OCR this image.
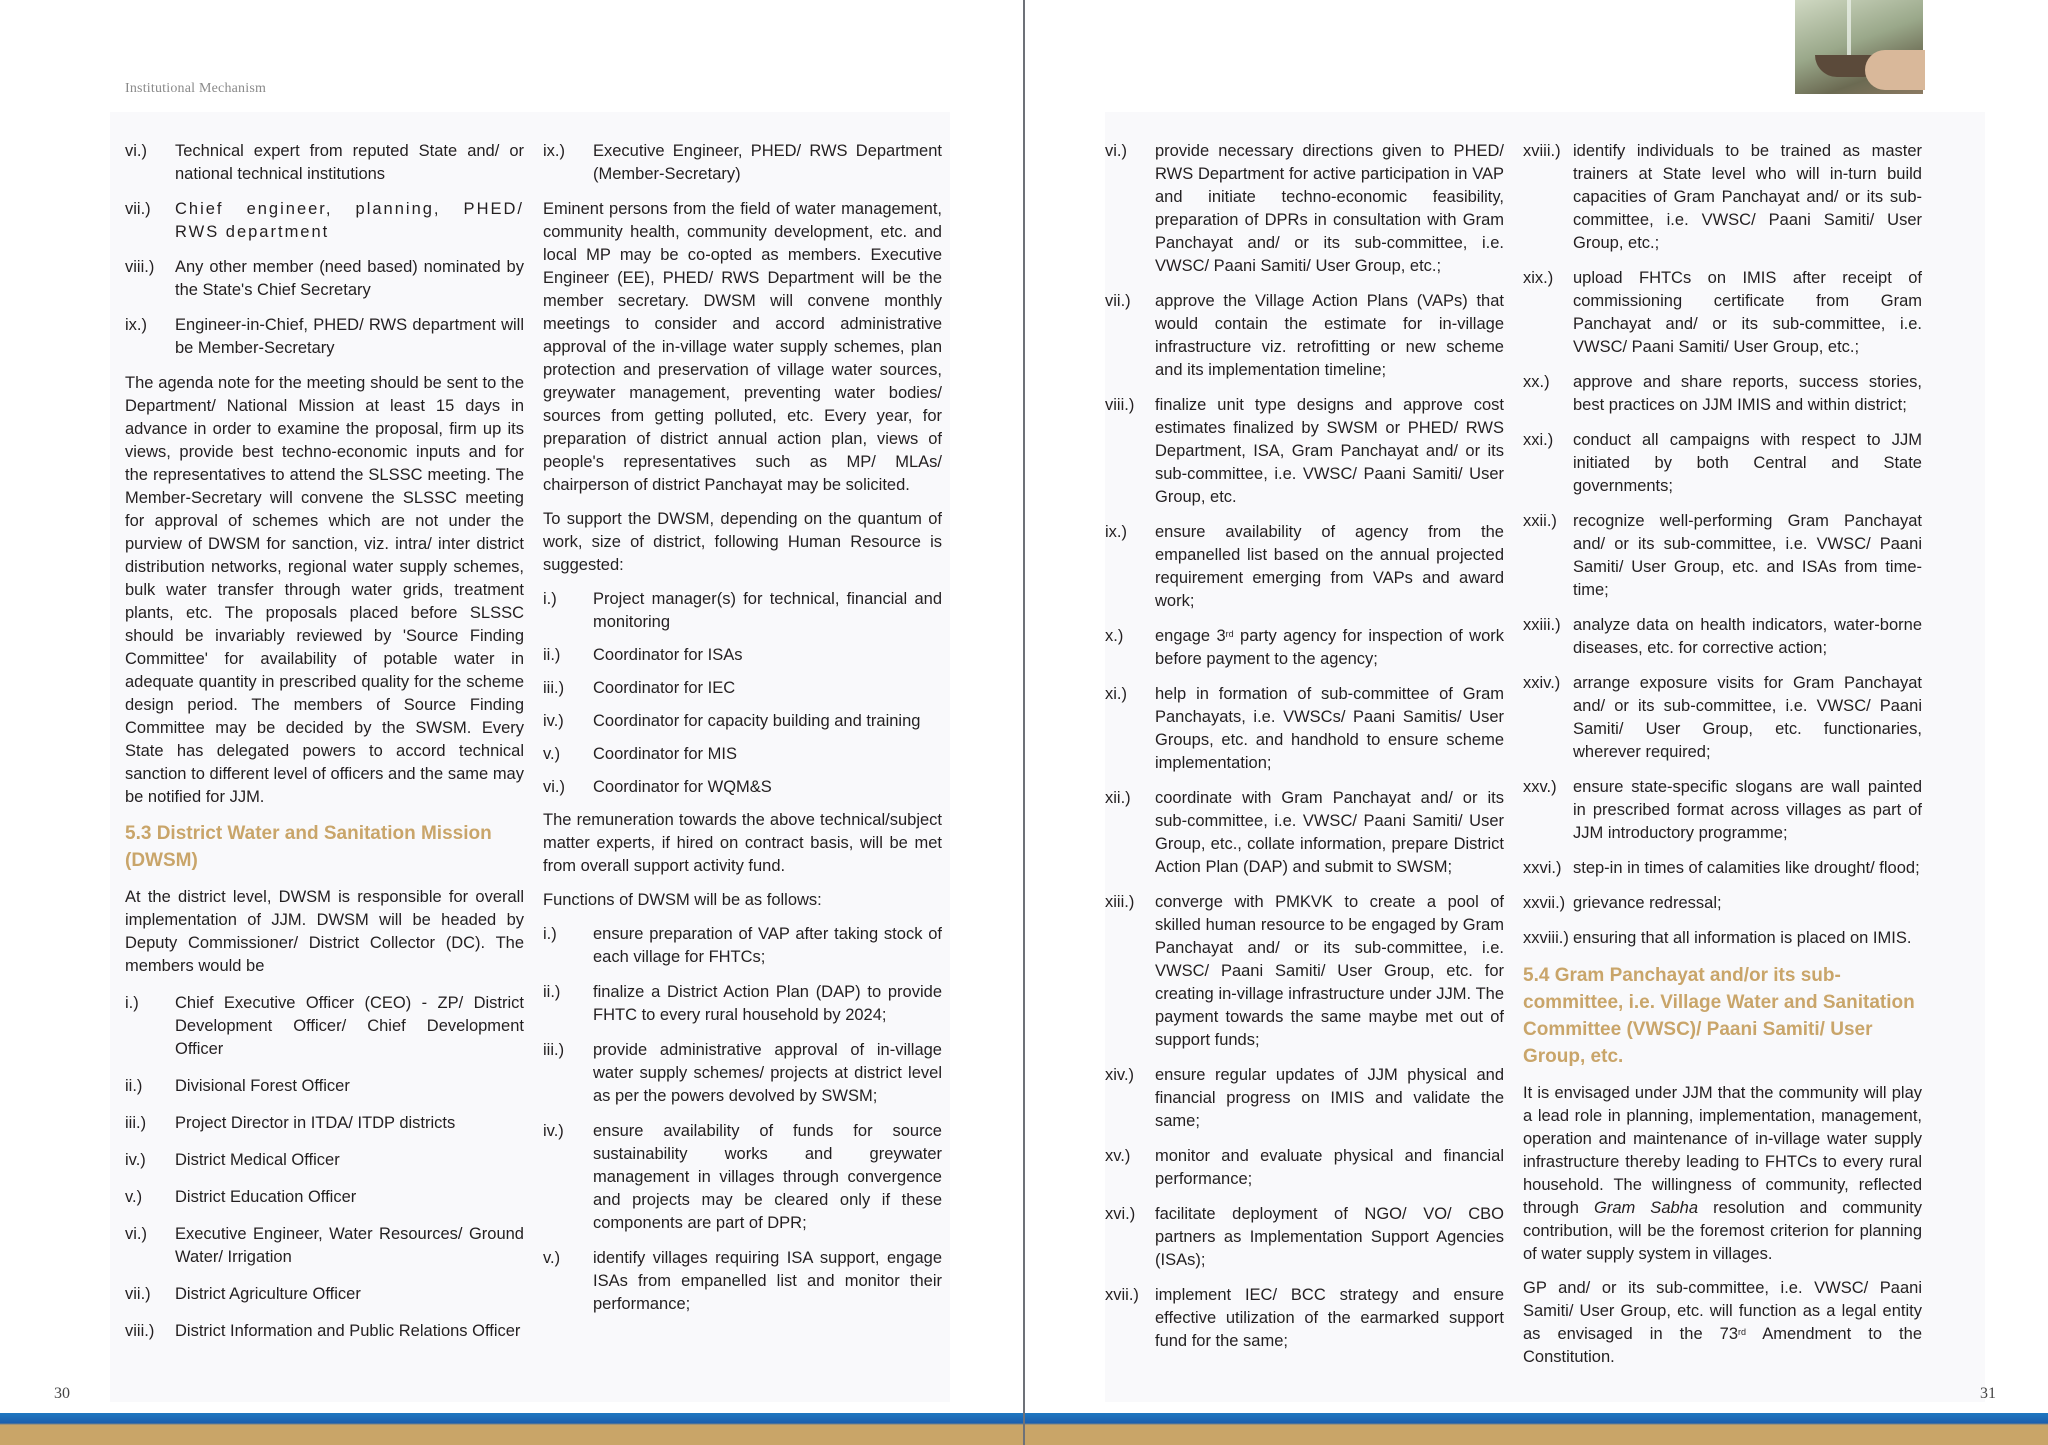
Institutional Mechanism
vi.) Technical expert from reputed State and/ or national technical institutions
vii.) Chief engineer, planning, PHED/ RWS department
viii.) Any other member (need based) nominated by the State's Chief Secretary
ix.) Engineer-in-Chief, PHED/ RWS department will be Member-Secretary

The agenda note for the meeting should be sent to the Department/ National Mission at least 15 days in advance in order to examine the proposal, firm up its views, provide best techno-economic inputs and for the representatives to attend the SLSSC meeting. The Member-Secretary will convene the SLSSC meeting for approval of schemes which are not under the purview of DWSM for sanction, viz. intra/ inter district distribution networks, regional water supply schemes, bulk water transfer through water grids, treatment plants, etc. The proposals placed before SLSSC should be invariably reviewed by 'Source Finding Committee' for availability of potable water in adequate quantity in prescribed quality for the scheme design period. The members of Source Finding Committee may be decided by the SWSM. Every State has delegated powers to accord technical sanction to different level of officers and the same may be notified for JJM.

5.3 District Water and Sanitation Mission (DWSM)

At the district level, DWSM is responsible for overall implementation of JJM. DWSM will be headed by Deputy Commissioner/ District Collector (DC). The members would be

i.) Chief Executive Officer (CEO) - ZP/ District Development Officer/ Chief Development Officer
ii.) Divisional Forest Officer
iii.) Project Director in ITDA/ ITDP districts
iv.) District Medical Officer
v.) District Education Officer
vi.) Executive Engineer, Water Resources/ Ground Water/ Irrigation
vii.) District Agriculture Officer
viii.) District Information and Public Relations Officer
ix.) Executive Engineer, PHED/ RWS Department (Member-Secretary)

Eminent persons from the field of water management, community health, community development, etc. and local MP may be co-opted as members. Executive Engineer (EE), PHED/ RWS Department will be the member secretary. DWSM will convene monthly meetings to consider and accord administrative approval of the in-village water supply schemes, plan protection and preservation of village water sources, greywater management, preventing water bodies/ sources from getting polluted, etc. Every year, for preparation of district annual action plan, views of people's representatives such as MP/ MLAs/ chairperson of district Panchayat may be solicited.

To support the DWSM, depending on the quantum of work, size of district, following Human Resource is suggested:

i.) Project manager(s) for technical, financial and monitoring
ii.) Coordinator for ISAs
iii.) Coordinator for IEC
iv.) Coordinator for capacity building and training
v.) Coordinator for MIS
vi.) Coordinator for WQM&S

The remuneration towards the above technical/subject matter experts, if hired on contract basis, will be met from overall support activity fund.

Functions of DWSM will be as follows:

i.) ensure preparation of VAP after taking stock of each village for FHTCs;
ii.) finalize a District Action Plan (DAP) to provide FHTC to every rural household by 2024;
iii.) provide administrative approval of in-village water supply schemes/ projects at district level as per the powers devolved by SWSM;
iv.) ensure availability of funds for source sustainability works and greywater management in villages through convergence and projects may be cleared only if these components are part of DPR;
v.) identify villages requiring ISA support, engage ISAs from empanelled list and monitor their performance;
30
vi.) provide necessary directions given to PHED/ RWS Department for active participation in VAP and initiate techno-economic feasibility, preparation of DPRs in consultation with Gram Panchayat and/ or its sub-committee, i.e. VWSC/ Paani Samiti/ User Group, etc.;
vii.) approve the Village Action Plans (VAPs) that would contain the estimate for in-village infrastructure viz. retrofitting or new scheme and its implementation timeline;
viii.) finalize unit type designs and approve cost estimates finalized by SWSM or PHED/ RWS Department, ISA, Gram Panchayat and/ or its sub-committee, i.e. VWSC/ Paani Samiti/ User Group, etc.
ix.) ensure availability of agency from the empanelled list based on the annual projected requirement emerging from VAPs and award work;
x.) engage 3rd party agency for inspection of work before payment to the agency;
xi.) help in formation of sub-committee of Gram Panchayats, i.e. VWSCs/ Paani Samitis/ User Groups, etc. and handhold to ensure scheme implementation;
xii.) coordinate with Gram Panchayat and/ or its sub-committee, i.e. VWSC/ Paani Samiti/ User Group, etc., collate information, prepare District Action Plan (DAP) and submit to SWSM;
xiii.) converge with PMKVK to create a pool of skilled human resource to be engaged by Gram Panchayat and/ or its sub-committee, i.e. VWSC/ Paani Samiti/ User Group, etc. for creating in-village infrastructure under JJM. The payment towards the same maybe met out of support funds;
xiv.) ensure regular updates of JJM physical and financial progress on IMIS and validate the same;
xv.) monitor and evaluate physical and financial performance;
xvi.) facilitate deployment of NGO/ VO/ CBO partners as Implementation Support Agencies (ISAs);
xvii.) implement IEC/ BCC strategy and ensure effective utilization of the earmarked support fund for the same;
xviii.) identify individuals to be trained as master trainers at State level who will in-turn build capacities of Gram Panchayat and/ or its sub-committee, i.e. VWSC/ Paani Samiti/ User Group, etc.;
xix.) upload FHTCs on IMIS after receipt of commissioning certificate from Gram Panchayat and/ or its sub-committee, i.e. VWSC/ Paani Samiti/ User Group, etc.;
xx.) approve and share reports, success stories, best practices on JJM IMIS and within district;
xxi.) conduct all campaigns with respect to JJM initiated by both Central and State governments;
xxii.) recognize well-performing Gram Panchayat and/ or its sub-committee, i.e. VWSC/ Paani Samiti/ User Group, etc. and ISAs from time-time;
xxiii.) analyze data on health indicators, water-borne diseases, etc. for corrective action;
xxiv.) arrange exposure visits for Gram Panchayat and/ or its sub-committee, i.e. VWSC/ Paani Samiti/ User Group, etc. functionaries, wherever required;
xxv.) ensure state-specific slogans are wall painted in prescribed format across villages as part of JJM introductory programme;
xxvi.) step-in in times of calamities like drought/ flood;
xxvii.) grievance redressal;
xxviii.) ensuring that all information is placed on IMIS.
5.4 Gram Panchayat and/or its sub-committee, i.e. Village Water and Sanitation Committee (VWSC)/ Paani Samiti/ User Group, etc.

It is envisaged under JJM that the community will play a lead role in planning, implementation, management, operation and maintenance of in-village water supply infrastructure thereby leading to FHTCs to every rural household. The willingness of community, reflected through Gram Sabha resolution and community contribution, will be the foremost criterion for planning of water supply system in villages.

GP and/ or its sub-committee, i.e. VWSC/ Paani Samiti/ User Group, etc. will function as a legal entity as envisaged in the 73rd Amendment to the Constitution.

31
